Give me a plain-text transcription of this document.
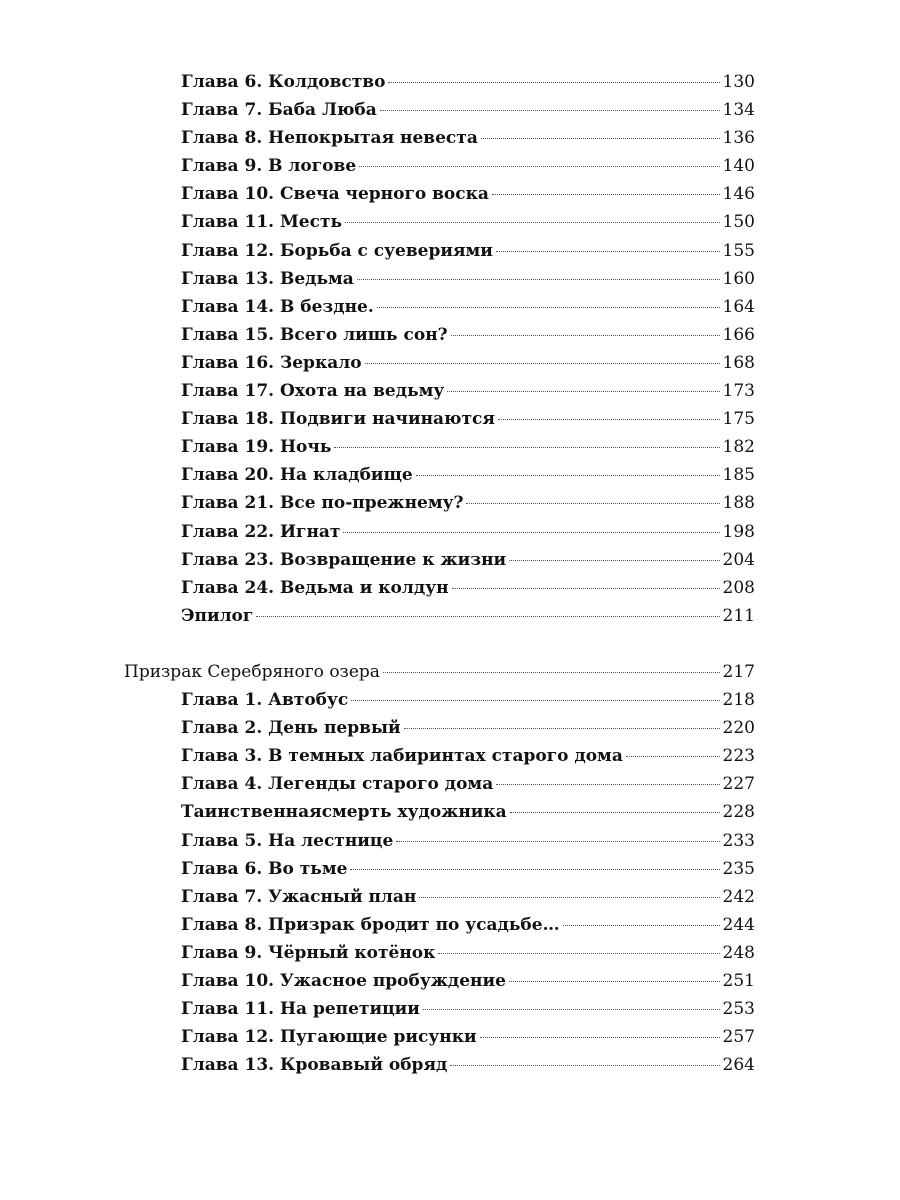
Глава 6. Колдовство	130
Глава 7. Баба Люба	134
Глава 8. Непокрытая невеста	136
Глава 9. В логове	140
Глава 10. Свеча черного воска	146
Глава 11. Месть	150
Глава 12. Борьба с суевериями	155
Глава 13. Ведьма	160
Глава 14. В бездне.	164
Глава 15. Всего лишь сон?	166
Глава 16. Зеркало	168
Глава 17. Охота на ведьму	173
Глава 18. Подвиги начинаются	175
Глава 19. Ночь	182
Глава 20. На кладбище	185
Глава 21. Все по-прежнему?	188
Глава 22. Игнат	198
Глава 23. Возвращение к жизни	204
Глава 24. Ведьма и колдун	208
Эпилог	211
Призрак Серебряного озера	217
Глава 1. Автобус	218
Глава 2. День первый	220
Глава 3. В темных лабиринтах старого дома	223
Глава 4. Легенды старого дома	227
Таинственнаясмерть художника	228
Глава 5. На лестнице	233
Глава 6. Во тьме	235
Глава 7. Ужасный план	242
Глава 8. Призрак бродит по усадьбе…	244
Глава 9. Чёрный котёнок	248
Глава 10. Ужасное пробуждение	251
Глава 11. На репетиции	253
Глава 12. Пугающие рисунки	257
Глава 13. Кровавый обряд	264
